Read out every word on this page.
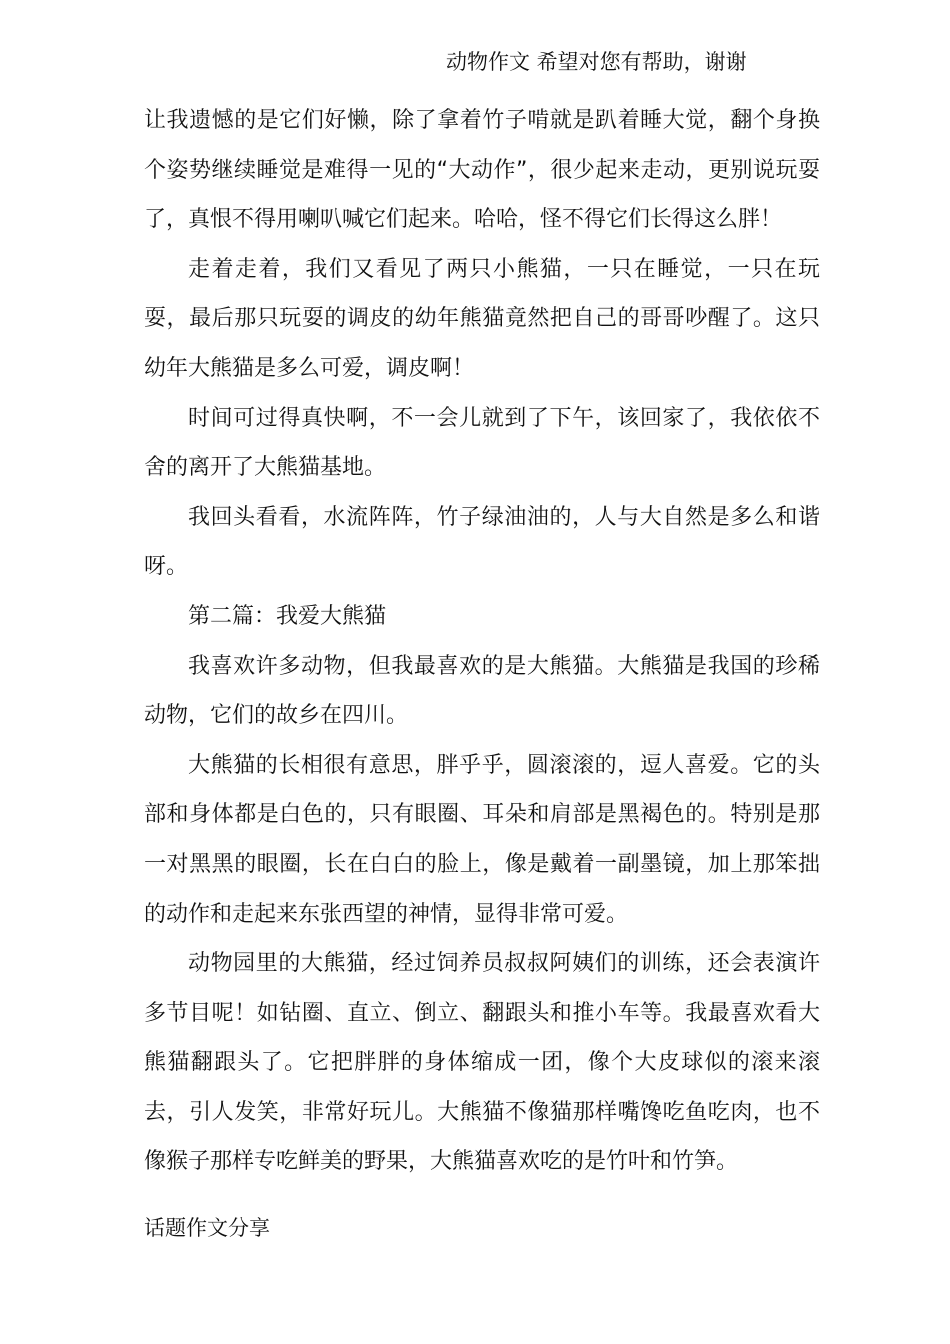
动物作文 希望对您有帮助，谢谢

让我遗憾的是它们好懒，除了拿着竹子啃就是趴着睡大觉，翻个身换个姿势继续睡觉是难得一见的“大动作”，很少起来走动，更别说玩耍了，真恨不得用喇叭喊它们起来。哈哈，怪不得它们长得这么胖！

走着走着，我们又看见了两只小熊猫，一只在睡觉，一只在玩耍，最后那只玩耍的调皮的幼年熊猫竟然把自己的哥哥吵醒了。这只幼年大熊猫是多么可爱，调皮啊！

时间可过得真快啊，不一会儿就到了下午，该回家了，我依依不舍的离开了大熊猫基地。

我回头看看，水流阵阵，竹子绿油油的，人与大自然是多么和谐呀。

第二篇：我爱大熊猫

我喜欢许多动物，但我最喜欢的是大熊猫。大熊猫是我国的珍稀动物，它们的故乡在四川。

大熊猫的长相很有意思，胖乎乎，圆滚滚的，逗人喜爱。它的头部和身体都是白色的，只有眼圈、耳朵和肩部是黑褐色的。特别是那一对黑黑的眼圈，长在白白的脸上，像是戴着一副墨镜，加上那笨拙的动作和走起来东张西望的神情，显得非常可爱。

动物园里的大熊猫，经过饲养员叔叔阿姨们的训练，还会表演许多节目呢！如钻圈、直立、倒立、翻跟头和推小车等。我最喜欢看大熊猫翻跟头了。它把胖胖的身体缩成一团，像个大皮球似的滚来滚去，引人发笑，非常好玩儿。大熊猫不像猫那样嘴馋吃鱼吃肉，也不像猴子那样专吃鲜美的野果，大熊猫喜欢吃的是竹叶和竹笋。

话题作文分享
